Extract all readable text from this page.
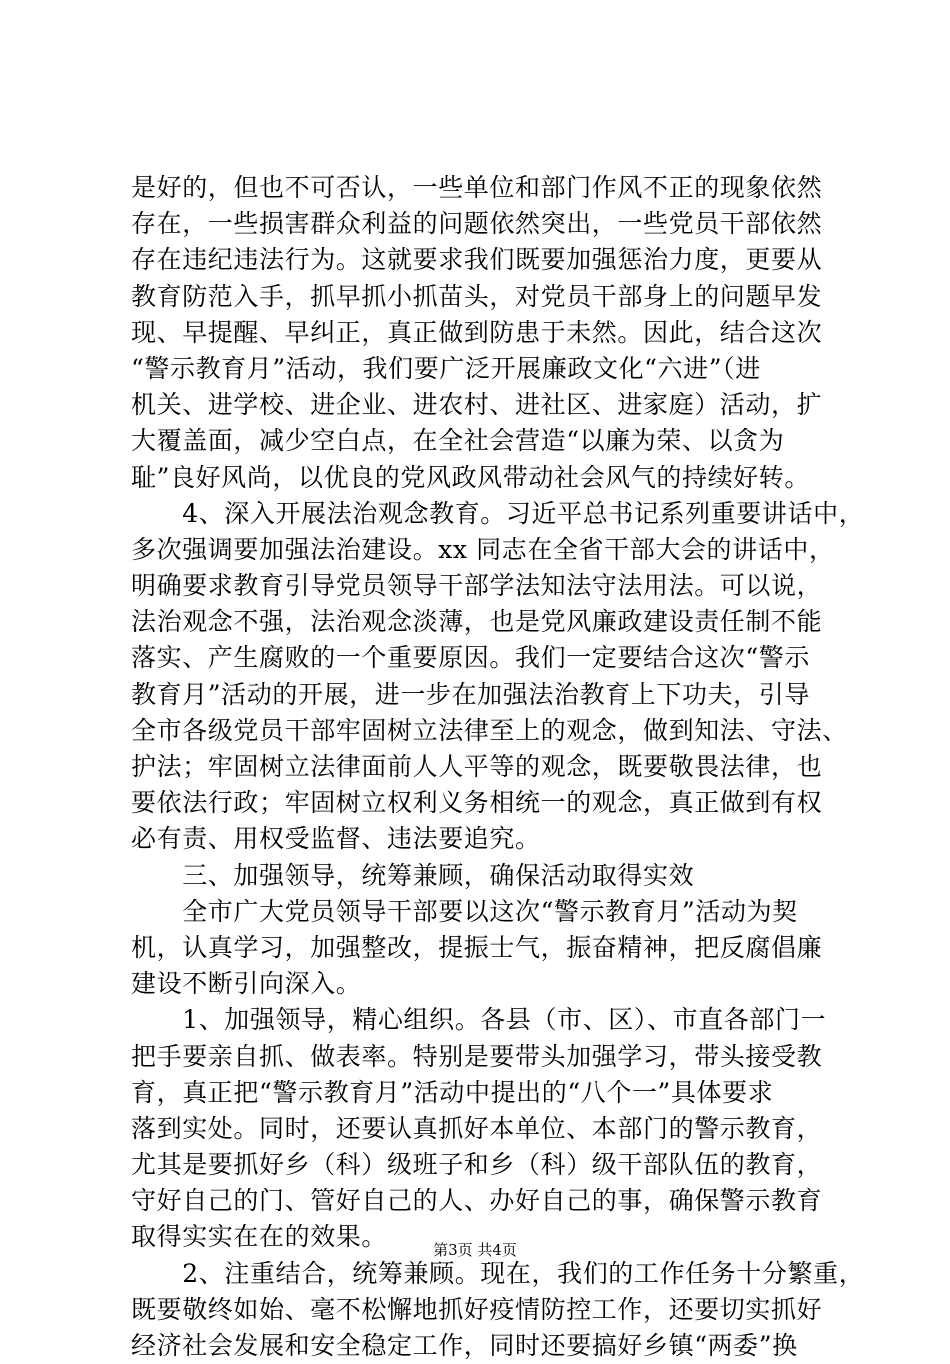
是好的，但也不可否认，一些单位和部门作风不正的现象依然
存在，一些损害群众利益的问题依然突出，一些党员干部依然
存在违纪违法行为。这就要求我们既要加强惩治力度，更要从
教育防范入手，抓早抓小抓苗头，对党员干部身上的问题早发
现、早提醒、早纠正，真正做到防患于未然。因此，结合这次
“警示教育月”活动，我们要广泛开展廉政文化“六进”（进
机关、进学校、进企业、进农村、进社区、进家庭）活动，扩
大覆盖面，减少空白点，在全社会营造“以廉为荣、以贪为
耻”良好风尚，以优良的党风政风带动社会风气的持续好转。
　　4、深入开展法治观念教育。习近平总书记系列重要讲话中，
多次强调要加强法治建设。xx 同志在全省干部大会的讲话中，
明确要求教育引导党员领导干部学法知法守法用法。可以说，
法治观念不强，法治观念淡薄，也是党风廉政建设责任制不能
落实、产生腐败的一个重要原因。我们一定要结合这次“警示
教育月”活动的开展，进一步在加强法治教育上下功夫，引导
全市各级党员干部牢固树立法律至上的观念，做到知法、守法、
护法；牢固树立法律面前人人平等的观念，既要敬畏法律，也
要依法行政；牢固树立权利义务相统一的观念，真正做到有权
必有责、用权受监督、违法要追究。
　　三、加强领导，统筹兼顾，确保活动取得实效
　　全市广大党员领导干部要以这次“警示教育月”活动为契
机，认真学习，加强整改，提振士气，振奋精神，把反腐倡廉
建设不断引向深入。
　　1、加强领导，精心组织。各县（市、区）、市直各部门一
把手要亲自抓、做表率。特别是要带头加强学习，带头接受教
育，真正把“警示教育月”活动中提出的“八个一”具体要求
落到实处。同时，还要认真抓好本单位、本部门的警示教育，
尤其是要抓好乡（科）级班子和乡（科）级干部队伍的教育，
守好自己的门、管好自己的人、办好自己的事，确保警示教育
取得实实在在的效果。
　　2、注重结合，统筹兼顾。现在，我们的工作任务十分繁重，
既要敬终如始、毫不松懈地抓好疫情防控工作，还要切实抓好
经济社会发展和安全稳定工作，同时还要搞好乡镇“两委”换
第3页 共4页
